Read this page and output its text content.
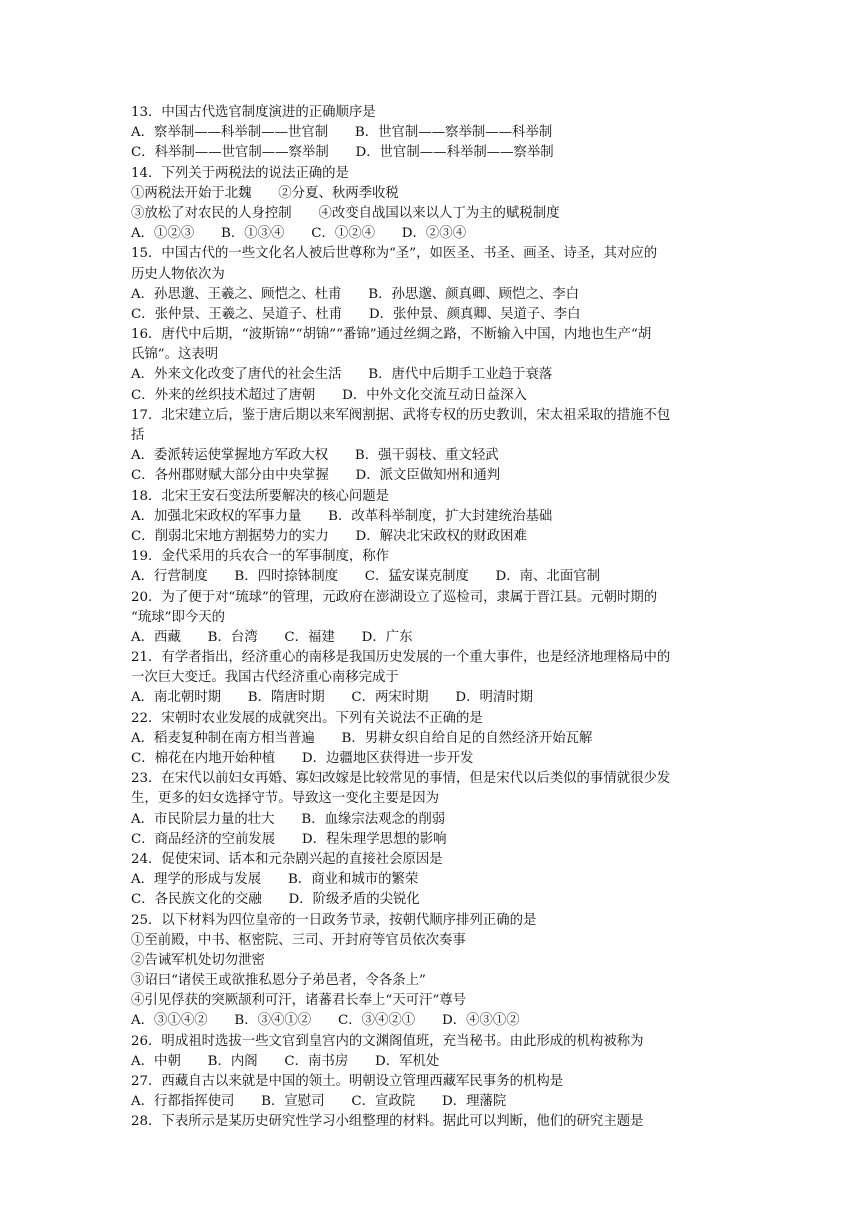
13．中国古代选官制度演进的正确顺序是
A．察举制——科举制——世官制　　B．世官制——察举制——科举制
C．科举制——世官制——察举制　　D．世官制——科举制——察举制
14．下列关于两税法的说法正确的是
①两税法开始于北魏　　②分夏、秋两季收税
③放松了对农民的人身控制　　④改变自战国以来以人丁为主的赋税制度
A．①②③　　B．①③④　　C．①②④　　D．②③④
15．中国古代的一些文化名人被后世尊称为“圣”，如医圣、书圣、画圣、诗圣，其对应的
历史人物依次为
A．孙思邈、王羲之、顾恺之、杜甫　　B．孙思邈、颜真卿、顾恺之、李白
C．张仲景、王羲之、吴道子、杜甫　　D．张仲景、颜真卿、吴道子、李白
16．唐代中后期，“波斯锦”“胡锦”“番锦”通过丝绸之路，不断输入中国，内地也生产“胡
氏锦”。这表明
A．外来文化改变了唐代的社会生活　　B．唐代中后期手工业趋于衰落
C．外来的丝织技术超过了唐朝　　D．中外文化交流互动日益深入
17．北宋建立后，鉴于唐后期以来军阀割据、武将专权的历史教训，宋太祖采取的措施不包
括
A．委派转运使掌握地方军政大权　　B．强干弱枝、重文轻武
C．各州郡财赋大部分由中央掌握　　D．派文臣做知州和通判
18．北宋王安石变法所要解决的核心问题是
A．加强北宋政权的军事力量　　B．改革科举制度，扩大封建统治基础
C．削弱北宋地方割据势力的实力　　D．解决北宋政权的财政困难
19．金代采用的兵农合一的军事制度，称作
A．行营制度　　B．四时捺钵制度　　C．猛安谋克制度　　D．南、北面官制
20．为了便于对“琉球”的管理，元政府在澎湖设立了巡检司，隶属于晋江县。元朝时期的
“琉球”即今天的
A．西藏　　B．台湾　　C．福建　　D．广东
21．有学者指出，经济重心的南移是我国历史发展的一个重大事件，也是经济地理格局中的
一次巨大变迁。我国古代经济重心南移完成于
A．南北朝时期　　B．隋唐时期　　C．两宋时期　　D．明清时期
22．宋朝时农业发展的成就突出。下列有关说法不正确的是
A．稻麦复种制在南方相当普遍　　B．男耕女织自给自足的自然经济开始瓦解
C．棉花在内地开始种植　　D．边疆地区获得进一步开发
23．在宋代以前妇女再婚、寡妇改嫁是比较常见的事情，但是宋代以后类似的事情就很少发
生，更多的妇女选择守节。导致这一变化主要是因为
A．市民阶层力量的壮大　　B．血缘宗法观念的削弱
C．商品经济的空前发展　　D．程朱理学思想的影响
24．促使宋词、话本和元杂剧兴起的直接社会原因是
A．理学的形成与发展　　B．商业和城市的繁荣
C．各民族文化的交融　　D．阶级矛盾的尖锐化
25．以下材料为四位皇帝的一日政务节录，按朝代顺序排列正确的是
①至前殿，中书、枢密院、三司、开封府等官员依次奏事
②告诫军机处切勿泄密
③诏曰“诸侯王或欲推私恩分子弟邑者，令各条上”
④引见俘获的突厥颉利可汗，诸蕃君长奉上“天可汗”尊号
A．③①④②　　B．③④①②　　C．③④②①　　D．④③①②
26．明成祖时选拔一些文官到皇宫内的文渊阁值班，充当秘书。由此形成的机构被称为
A．中朝　　B．内阁　　C．南书房　　D．军机处
27．西藏自古以来就是中国的领土。明朝设立管理西藏军民事务的机构是
A．行都指挥使司　　B．宣慰司　　C．宣政院　　D．理藩院
28．下表所示是某历史研究性学习小组整理的材料。据此可以判断，他们的研究主题是
